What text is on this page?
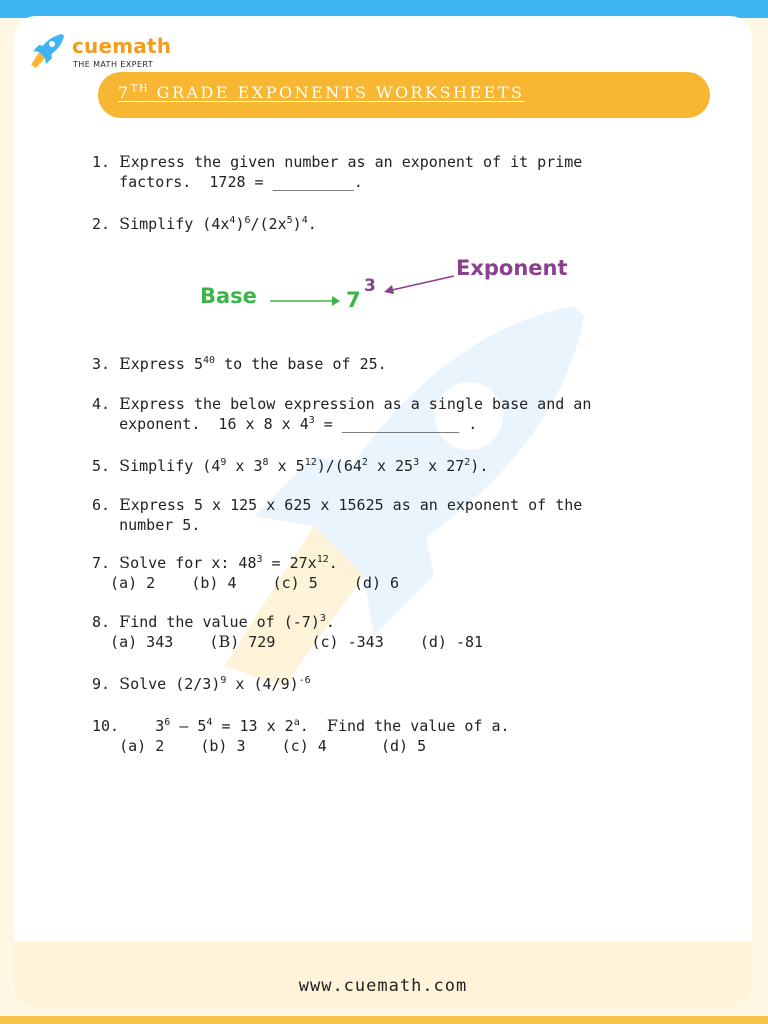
cuemath
THE MATH EXPERT
7TH GRADE EXPONENTS WORKSHEETS
1. Express the given number as an exponent of it prime
factors.  1728 = _________.
2. Simplify $(4x^4)^6/(2x^5)^4$.
3. Express $5^{40}$ to the base of 25.
4. Express the below expression as a single base and an
exponent.  16 x 8 x $4^3$ = _____________ .
5. Simplify ($4^9$ x $3^8$ x $5^{12})/(64^2$ x $25^3$ x $27^2$).
6. Express 5 x 125 x 625 x 15625 as an exponent of the
number 5.
7. Solve for x: $48^3 = 27x^{12}$.
(a) 2    (b) 4    (c) 5    (d) 6
8. Find the value of $(-7)^3$.
(a) 343    (B) 729    (c) -343    (d) -81
9. Solve $(2/3)^9$ x $(4/9)^{-6}$
10.    $3^6 - 5^4 = 13$ x 2$^a$.  Find the value of a.
(a) 2    (b) 3    (c) 4      (d) 5
Base	7
3
Exponent
www.cuemath.com
